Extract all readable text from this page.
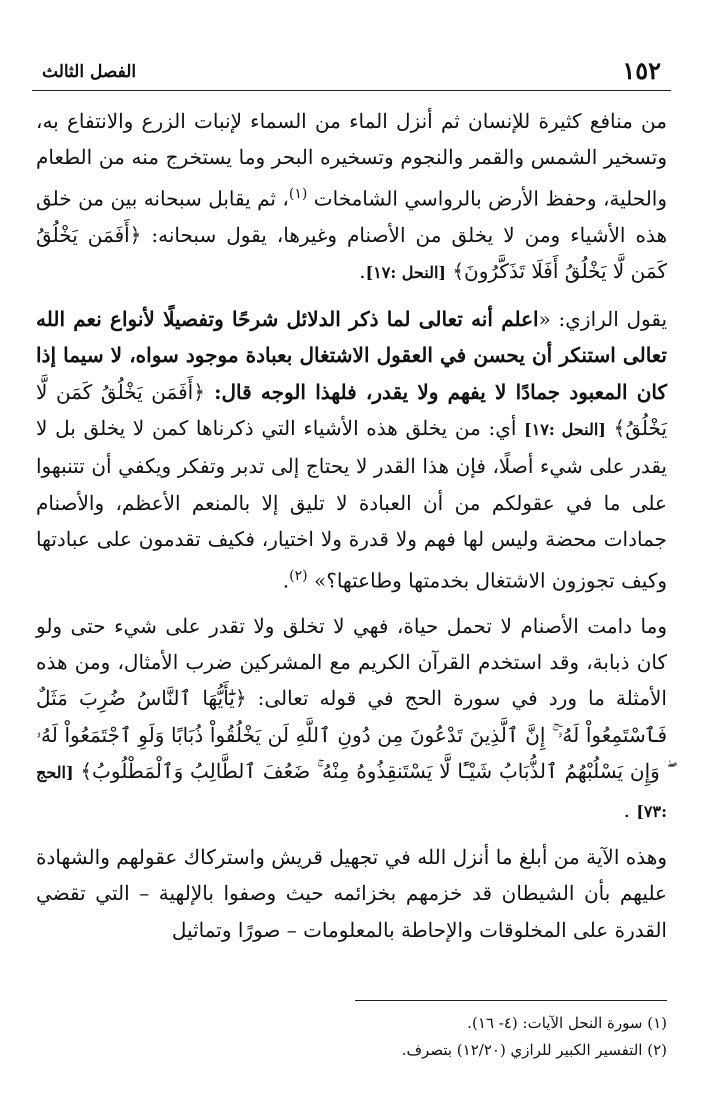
١٥٢
الفصل الثالث

من منافع كثيرة للإنسان ثم أنزل الماء من السماء لإنبات الزرع والانتفاع به، وتسخير الشمس والقمر والنجوم وتسخيره البحر وما يستخرج منه من الطعام والحلية، وحفظ الأرض بالرواسي الشامخات $^{(١)}$، ثم يقابل سبحانه بين من خلق هذه الأشياء ومن لا يخلق من الأصنام وغيرها، يقول سبحانه: ﴿أَفَمَن يَخْلُقُ كَمَن لَّا يَخْلُقُ أَفَلَا تَذَكَّرُونَ﴾ [النحل :١٧].

يقول الرازي: «اعلم أنه تعالى لما ذكر الدلائل شرحًا وتفصيلًا لأنواع نعم الله تعالى استنكر أن يحسن في العقول الاشتغال بعبادة موجود سواه، لا سيما إذا كان المعبود جمادًا لا يفهم ولا يقدر، فلهذا الوجه قال: ﴿أَفَمَن يَخْلُقُ كَمَن لَّا يَخْلُقُ﴾ [النحل :١٧] أي: من يخلق هذه الأشياء التي ذكرناها كمن لا يخلق بل لا يقدر على شيء أصلًا، فإن هذا القدر لا يحتاج إلى تدبر وتفكر ويكفي أن تتنبهوا على ما في عقولكم من أن العبادة لا تليق إلا بالمنعم الأعظم، والأصنام جمادات محضة وليس لها فهم ولا قدرة ولا اختيار، فكيف تقدمون على عبادتها وكيف تجوزون الاشتغال بخدمتها وطاعتها؟» $^{(٢)}$.

وما دامت الأصنام لا تحمل حياة، فهي لا تخلق ولا تقدر على شيء حتى ولو كان ذبابة، وقد استخدم القرآن الكريم مع المشركين ضرب الأمثال، ومن هذه الأمثلة ما ورد في سورة الحج في قوله تعالى: ﴿يَٰٓأَيُّهَا ٱلنَّاسُ ضُرِبَ مَثَلٌ فَٱسْتَمِعُواْ لَهُۥٓ ۚ إِنَّ ٱلَّذِينَ تَدْعُونَ مِن دُونِ ٱللَّهِ لَن يَخْلُقُواْ ذُبَابًا وَلَوِ ٱجْتَمَعُواْ لَهُۥ ۖ وَإِن يَسْلُبْهُمُ ٱلذُّبَابُ شَيْـًٔا لَّا يَسْتَنقِذُوهُ مِنْهُ ۚ ضَعُفَ ٱلطَّالِبُ وَٱلْمَطْلُوبُ﴾ [الحج :٧٣] .

وهذه الآية من أبلغ ما أنزل الله في تجهيل قريش واستركاك عقولهم والشهادة عليهم بأن الشيطان قد خزمهم بخزائمه حيث وصفوا بالإلهية – التي تقضي القدرة على المخلوقات والإحاطة بالمعلومات – صورًا وتماثيل

(١) سورة النحل الآيات: (٤- ١٦).

(٢) التفسير الكبير للرازي (١٢/٢٠) بتصرف.
